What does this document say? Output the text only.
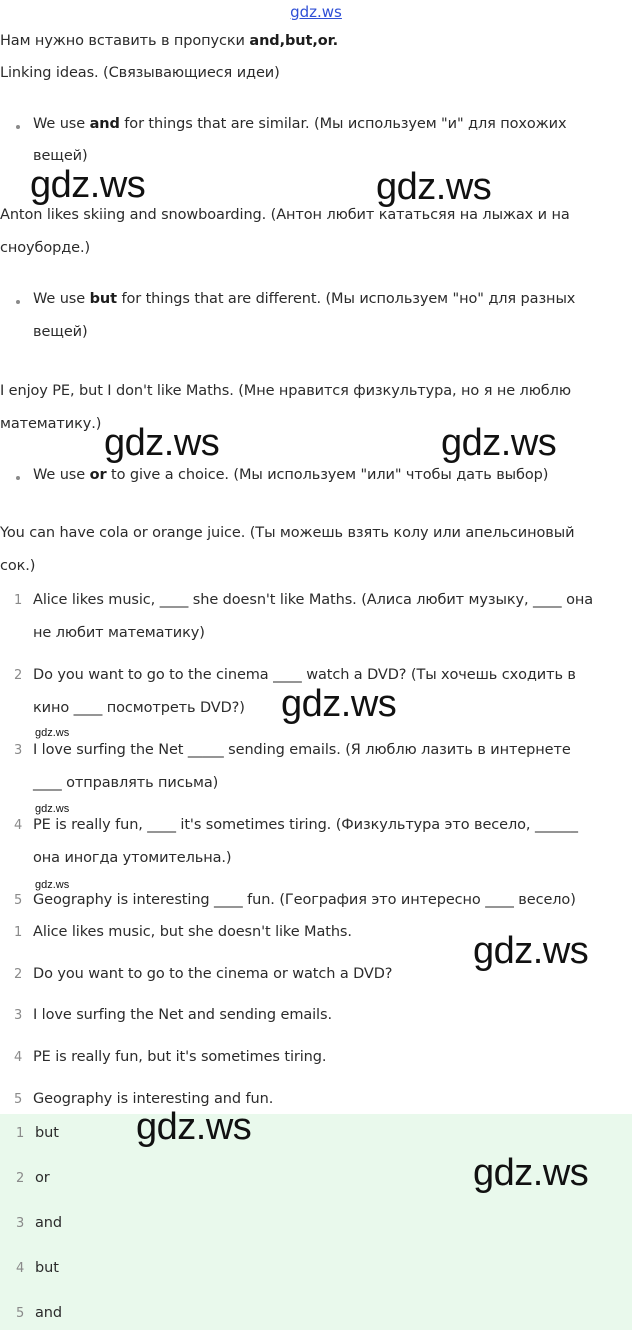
gdz.ws
Нам нужно вставить в пропуски and,but,or.
Linking ideas. (Связывающиеся идеи)
We use and for things that are similar. (Мы используем "и" для похожих
вещей)
Anton likes skiing and snowboarding. (Антон любит кататьсяя на лыжах и на
сноуборде.)
We use but for things that are different. (Мы используем "но" для разных
вещей)
I enjoy PE, but I don't like Maths. (Мне нравится физкультура, но я не люблю
математику.)
We use or to give a choice. (Мы используем "или" чтобы дать выбор)
You can have cola or orange juice. (Ты можешь взять колу или апельсиновый
сок.)
1 Alice likes music, ____ she doesn't like Maths. (Алиса любит музыку, ____ она
не любит математику)
2 Do you want to go to the cinema ____ watch a DVD? (Ты хочешь сходить в
кино ____ посмотреть DVD?)
3 I love surfing the Net _____ sending emails. (Я люблю лазить в интернете
____ отправлять письма)
4 PE is really fun, ____ it's sometimes tiring. (Физкультура это весело, ______
она иногда утомительна.)
5 Geography is interesting ____ fun. (География это интересно ____ весело)
1 Alice likes music, but she doesn't like Maths.
2 Do you want to go to the cinema or watch a DVD?
3 I love surfing the Net and sending emails.
4 PE is really fun, but it's sometimes tiring.
5 Geography is interesting and fun.
1 but
2 or
3 and
4 but
5 and
gdz.ws	gdz.ws
gdz.ws	gdz.ws
gdz.ws
gdz.ws
gdz.ws
gdz.ws
gdz.ws
gdz.ws
gdz.ws
